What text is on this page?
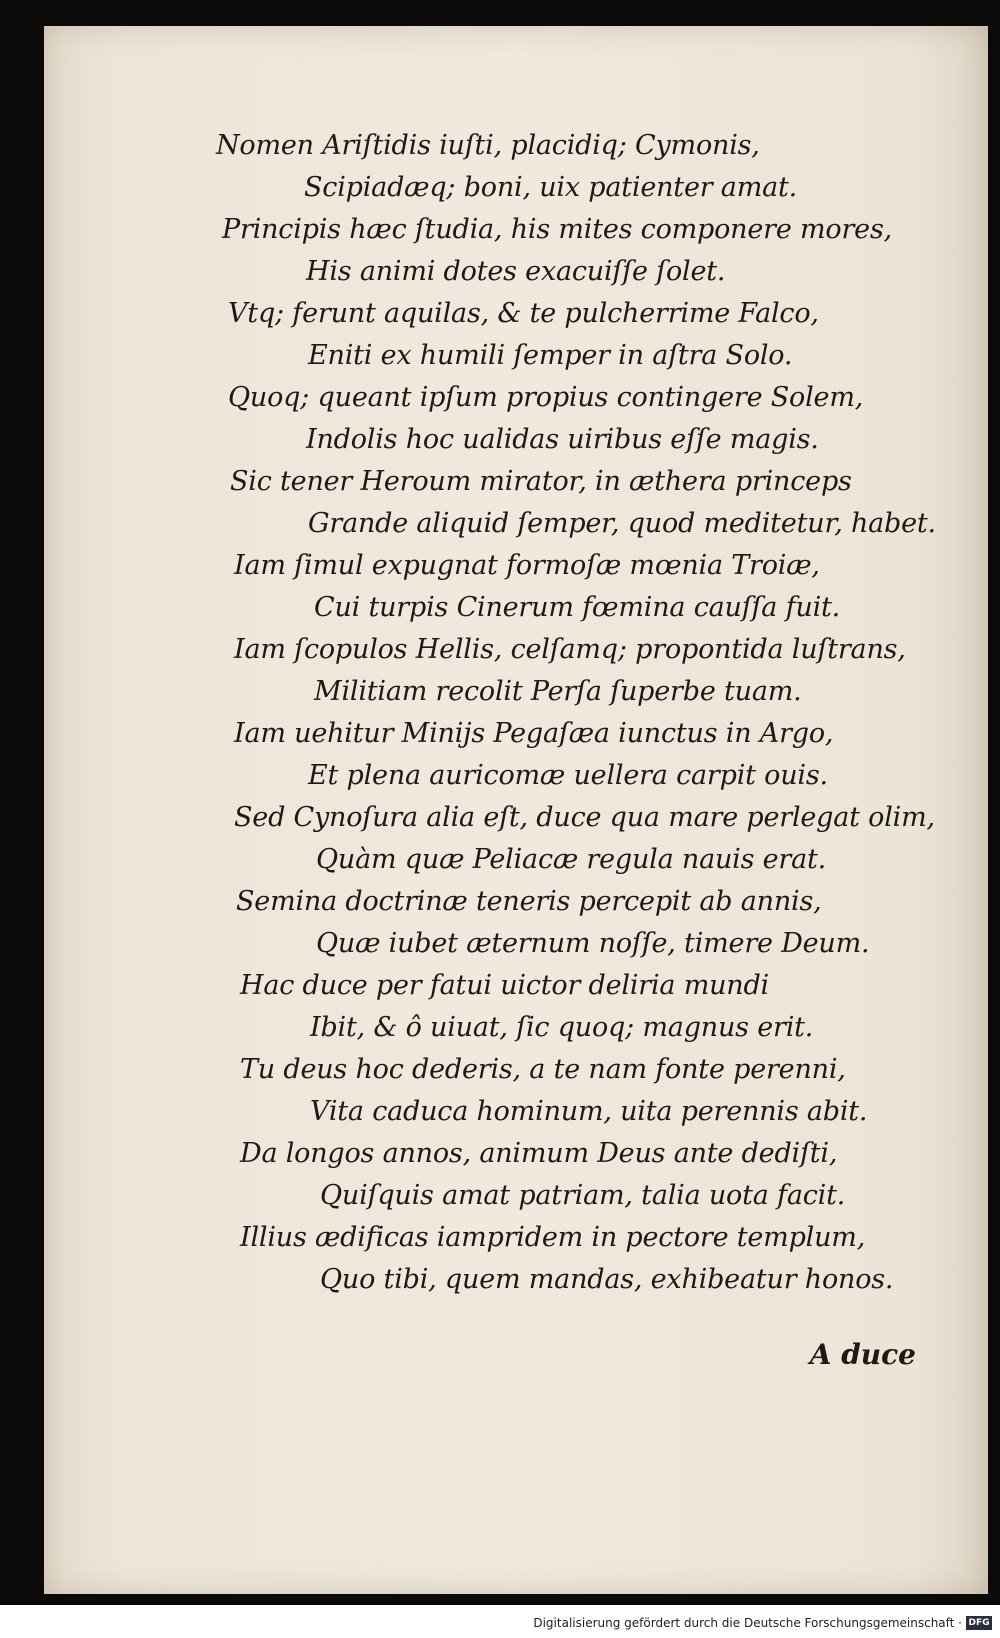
Nomen Ariſtidis iuſti, placidiq; Cymonis,
Scipiadæq; boni, uix patienter amat.
Principis hæc ſtudia, his mites componere mores,
His animi dotes exacuiſſe ſolet.
Vtq; ferunt aquilas, & te pulcherrime Falco,
Eniti ex humili ſemper in aſtra Solo.
Quoq; queant ipſum propius contingere Solem,
Indolis hoc ualidas uiribus eſſe magis.
Sic tener Heroum mirator, in æthera princeps
Grande aliquid ſemper, quod meditetur, habet.
Iam ſimul expugnat formoſæ mœnia Troiæ,
Cui turpis Cinerum fœmina cauſſa fuit.
Iam ſcopulos Hellis, celſamq; propontida luſtrans,
Militiam recolit Perſa ſuperbe tuam.
Iam uehitur Minijs Pegaſæa iunctus in Argo,
Et plena auricomæ uellera carpit ouis.
Sed Cynoſura alia eſt, duce qua mare perlegat olim,
Quàm quæ Peliacæ regula nauis erat.
Semina doctrinæ teneris percepit ab annis,
Quæ iubet æternum noſſe, timere Deum.
Hac duce per fatui uictor deliria mundi
Ibit, & ô uiuat, ſic quoq; magnus erit.
Tu deus hoc dederis, a te nam fonte perenni,
Vita caduca hominum, uita perennis abit.
Da longos annos, animum Deus ante dediſti,
Quiſquis amat patriam, talia uota facit.
Illius ædificas iampridem in pectore templum,
Quo tibi, quem mandas, exhibeatur honos.
A duce
Digitalisierung gefördert durch die Deutsche Forschungsgemeinschaft · DFG
